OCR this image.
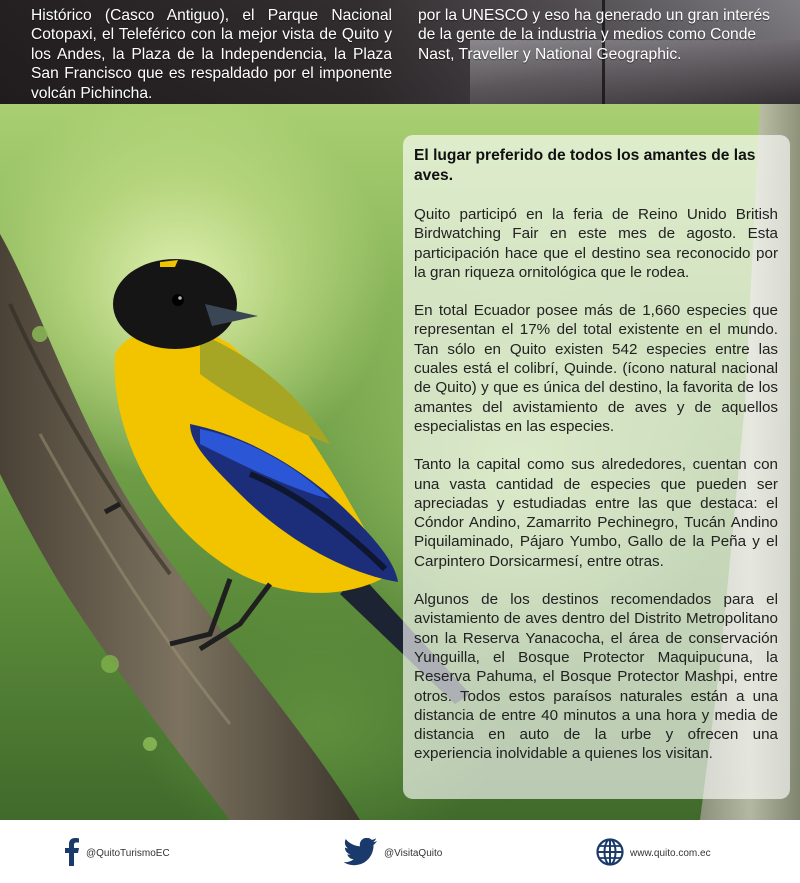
Histórico (Casco Antiguo), el Parque Nacional Cotopaxi, el Teleférico con la mejor vista de Quito y los Andes, la Plaza de la Independencia, la Plaza San Francisco que es respaldado por el imponente volcán Pichincha.

por la UNESCO y eso ha generado un gran interés de la gente de la industria y medios como Conde Nast, Traveller y National Geographic.

El lugar preferido de todos los amantes de las aves.

Quito participó en la feria de Reino Unido British Birdwatching Fair en este mes de agosto. Esta participación hace que el destino sea reconocido por la gran riqueza ornitológica que le rodea.

En total Ecuador posee más de 1,660 especies que representan el 17% del total existente en el mundo. Tan sólo en Quito existen 542 especies entre las cuales está el colibrí, Quinde. (ícono natural nacional de Quito) y que es única del destino, la favorita de los amantes del avistamiento de aves y de aquellos especialistas en las especies.

Tanto la capital como sus alrededores, cuentan con una vasta cantidad de especies que pueden ser apreciadas y estudiadas entre las que destaca: el Cóndor Andino, Zamarrito Pechinegro, Tucán Andino Piquilaminado, Pájaro Yumbo, Gallo de la Peña y el Carpintero Dorsicarmesí, entre otras.

Algunos de los destinos recomendados para el avistamiento de aves dentro del Distrito Metropolitano son la Reserva Yanacocha, el área de conservación Yunguilla, el Bosque Protector Maquipucuna, la Reserva Pahuma, el Bosque Protector Mashpi, entre otros. Todos estos paraísos naturales están a una distancia de entre 40 minutos a una hora y media de distancia en auto de la urbe y ofrecen una experiencia inolvidable a quienes los visitan.

@QuitoTurismoEC	@VisitaQuito	www.quito.com.ec
